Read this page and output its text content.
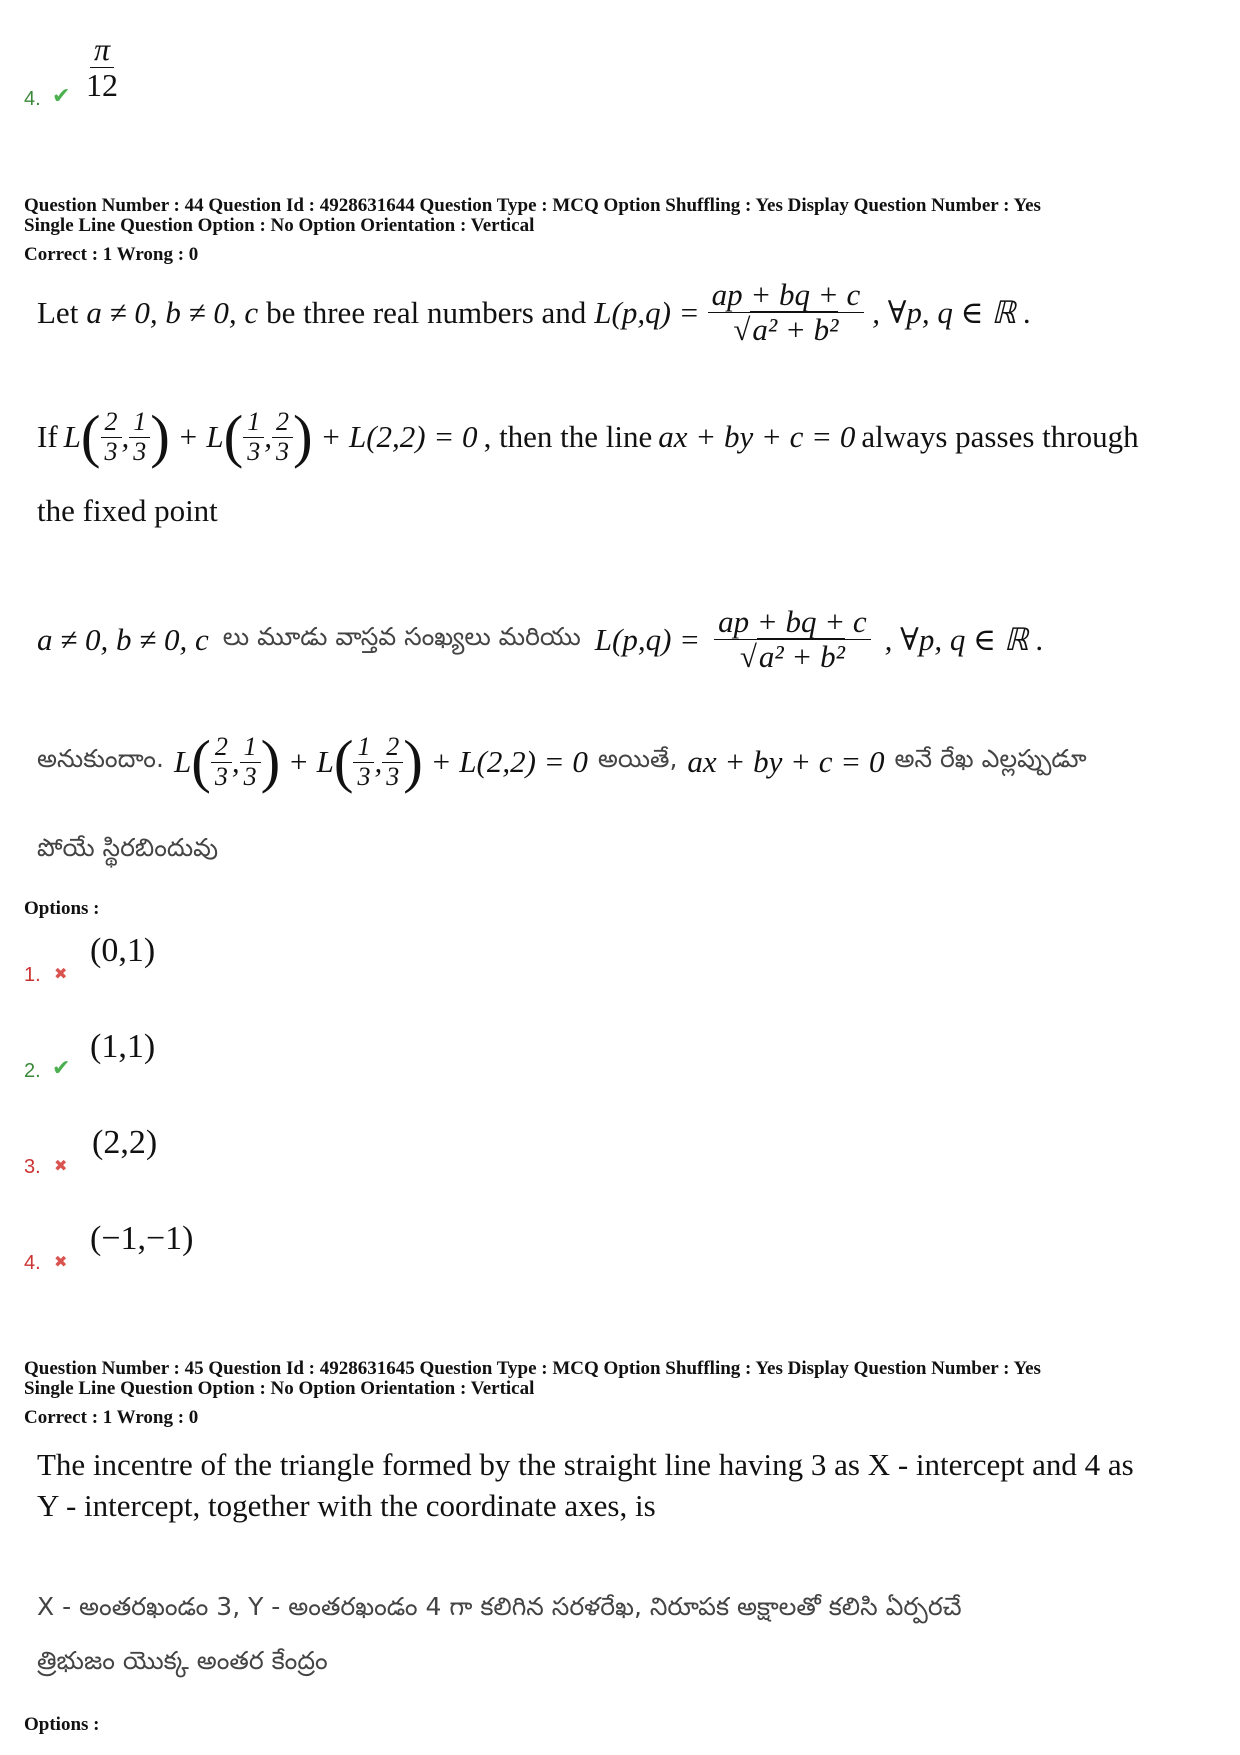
4. ✔ $\frac{\pi}{12}$
Question Number : 44 Question Id : 4928631644 Question Type : MCQ Option Shuffling : Yes Display Question Number : Yes
Single Line Question Option : No Option Orientation : Vertical
Correct : 1 Wrong : 0
Let a ≠ 0, b ≠ 0, c be three real numbers and $L(p,q) = \frac{ap + bq + c}{\text{√a² + b²}}$ , ∀p, q ∈ ℝ .
If L ( $\frac{2}{3}$ , $\frac{1}{3}$ ) + L ( $\frac{1}{3}$ , $\frac{2}{3}$ )
+ L(2,2) = 0 , then the line ax + by + c = 0 always passes through
the fixed point
a ≠ 0, b ≠ 0, c లు మూడు వాస్తవ సంఖ్యలు మరియు $L(p,q) = \frac{ap + bq + c}{\text{√a² + b²}}$ , ∀p, q ∈ ℝ .
అనుకుందాం. L ( $\frac{2}{3}$ , $\frac{1}{3}$ ) + L ( $\frac{1}{3}$ , $\frac{2}{3}$ )
+ L(2,2) = 0 అయితే, ax + by + c = 0 అనే రేఖ ఎల్లప్పుడూ
పోయే స్థిరబిందువు
Options :
1. ✖
(0,1)
2. ✔
(1,1)
3. ✖
(2,2)
4. ✖
(−1,−1)
Question Number : 45 Question Id : 4928631645 Question Type : MCQ Option Shuffling : Yes Display Question Number : Yes
Single Line Question Option : No Option Orientation : Vertical
Correct : 1 Wrong : 0
The incentre of the triangle formed by the straight line having 3 as X - intercept and 4 as
Y - intercept, together with the coordinate axes, is
X - అంతరఖండం 3, Y - అంతరఖండం 4 గా కలిగిన సరళరేఖ, నిరూపక అక్షాలతో కలిసి ఏర్పరచే
త్రిభుజం యొక్క అంతర కేంద్రం
Options :
